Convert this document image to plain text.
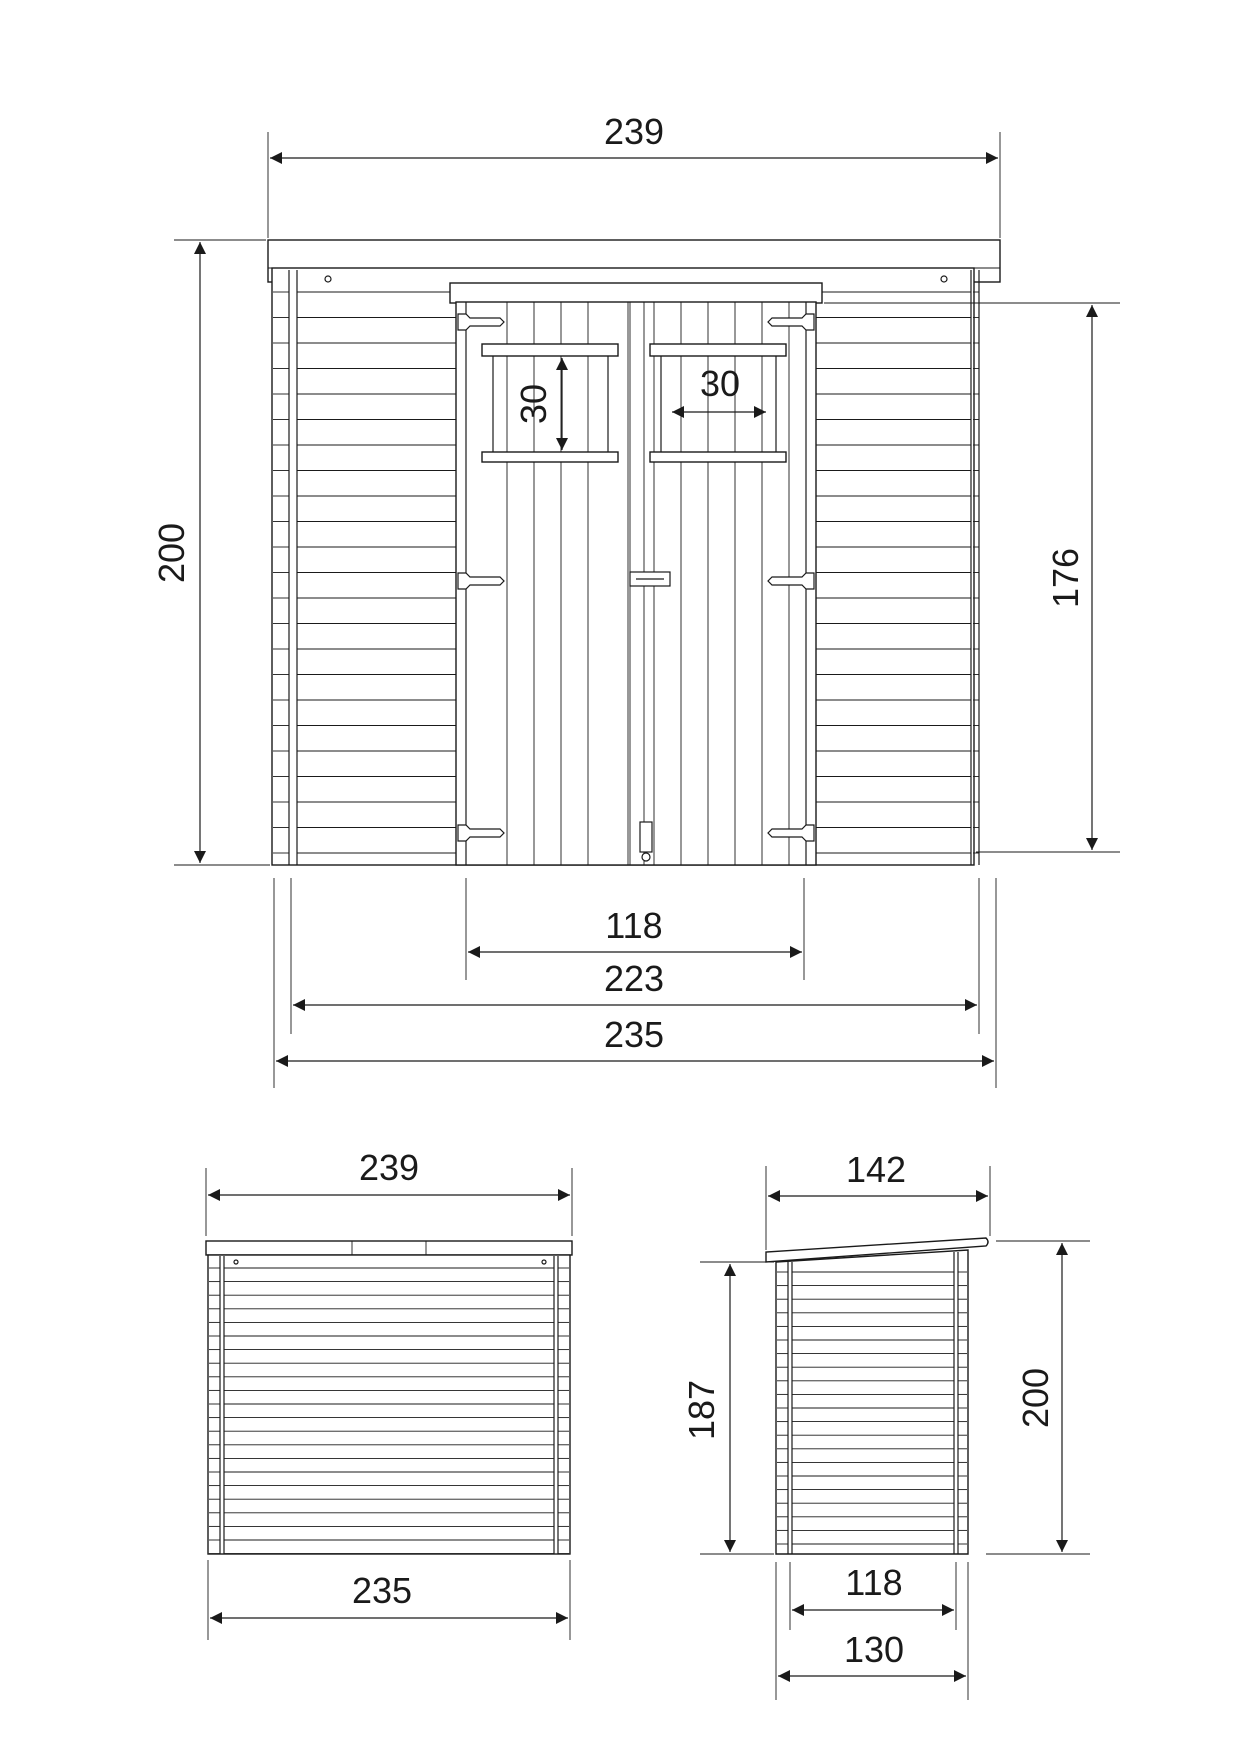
239
200	176
30	30
118
223
235
239
235
142
187	200
118
130
